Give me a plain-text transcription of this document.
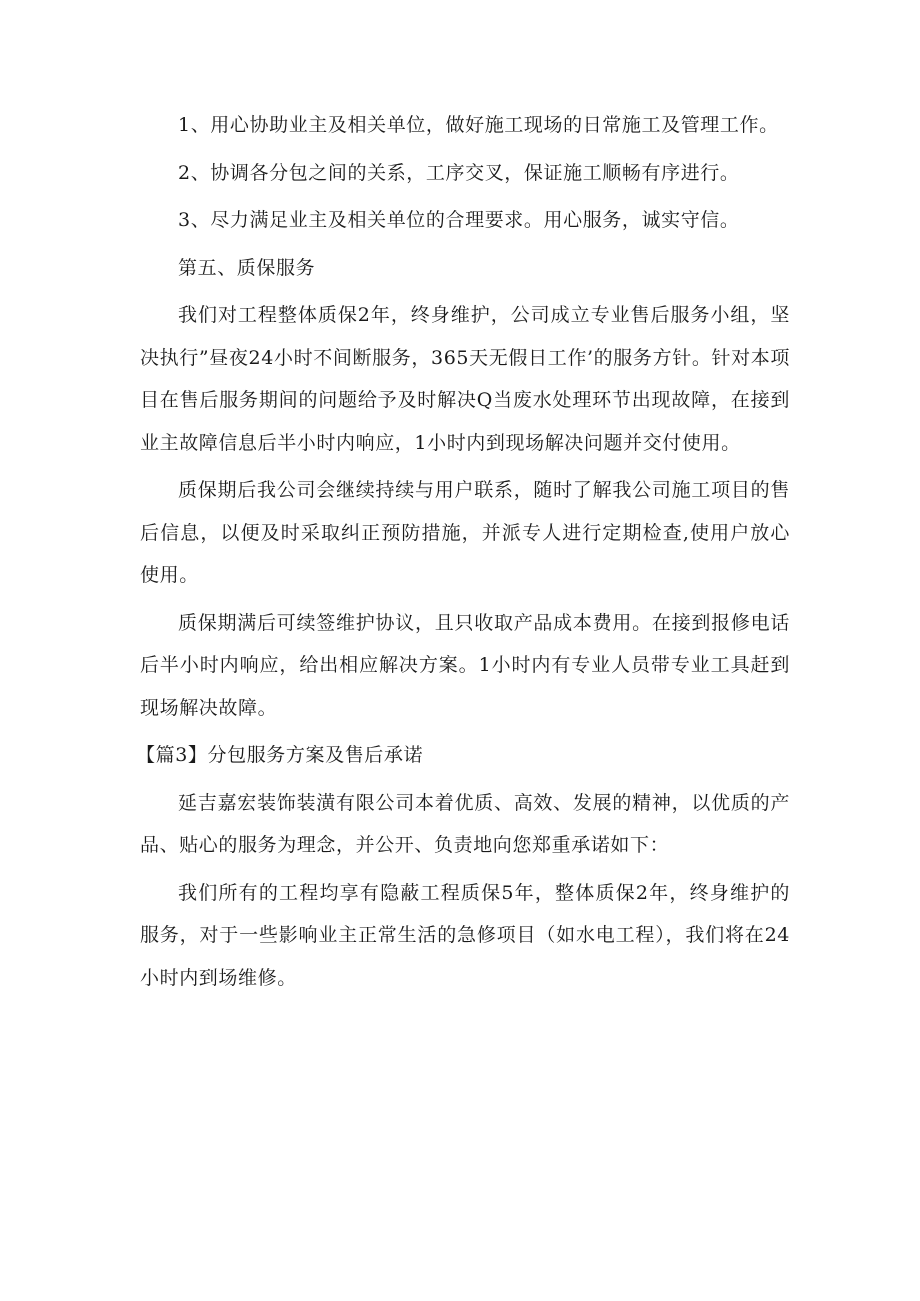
1、用心协助业主及相关单位，做好施工现场的日常施工及管理工作。

2、协调各分包之间的关系，工序交叉，保证施工顺畅有序进行。

3、尽力满足业主及相关单位的合理要求。用心服务，诚实守信。

第五、质保服务

我们对工程整体质保2年，终身维护，公司成立专业售后服务小组，坚决执行”昼夜24小时不间断服务，365天无假日工作’的服务方针。针对本项目在售后服务期间的问题给予及时解决Q当废水处理环节出现故障，在接到业主故障信息后半小时内响应，1小时内到现场解决问题并交付使用。

质保期后我公司会继续持续与用户联系，随时了解我公司施工项目的售后信息，以便及时采取纠正预防措施，并派专人进行定期检查,使用户放心使用。

质保期满后可续签维护协议，且只收取产品成本费用。在接到报修电话后半小时内响应，给出相应解决方案。1小时内有专业人员带专业工具赶到现场解决故障。

【篇3】分包服务方案及售后承诺

延吉嘉宏装饰装潢有限公司本着优质、高效、发展的精神，以优质的产品、贴心的服务为理念，并公开、负责地向您郑重承诺如下：

我们所有的工程均享有隐蔽工程质保5年，整体质保2年，终身维护的服务，对于一些影响业主正常生活的急修项目（如水电工程），我们将在24小时内到场维修。
